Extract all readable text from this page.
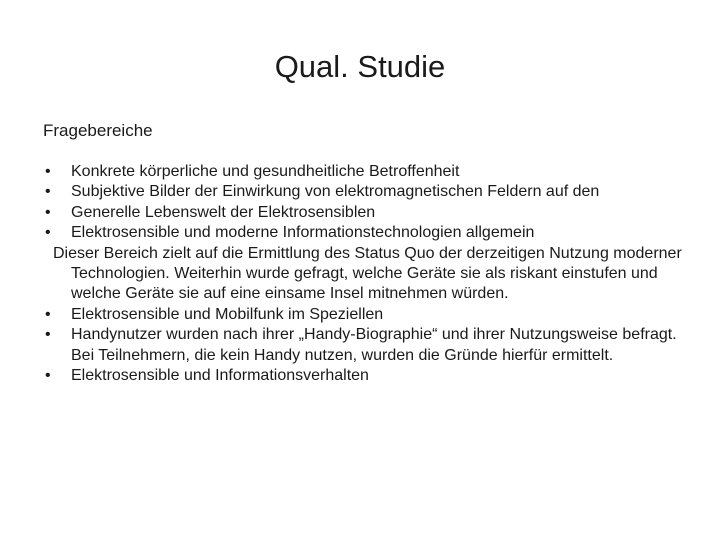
Qual. Studie
Fragebereiche
• Konkrete körperliche und gesundheitliche Betroffenheit
• Subjektive Bilder der Einwirkung von elektromagnetischen Feldern auf den
• Generelle Lebenswelt der Elektrosensiblen
• Elektrosensible und moderne Informationstechnologien allgemein
Dieser Bereich zielt auf die Ermittlung des Status Quo der derzeitigen Nutzung moderner Technologien. Weiterhin wurde gefragt, welche Geräte sie als riskant einstufen und welche Geräte sie auf eine einsame Insel mitnehmen würden.
• Elektrosensible und Mobilfunk im Speziellen
• Handynutzer wurden nach ihrer „Handy-Biographie“ und ihrer Nutzungsweise befragt. Bei Teilnehmern, die kein Handy nutzen, wurden die Gründe hierfür ermittelt.
• Elektrosensible und Informationsverhalten
